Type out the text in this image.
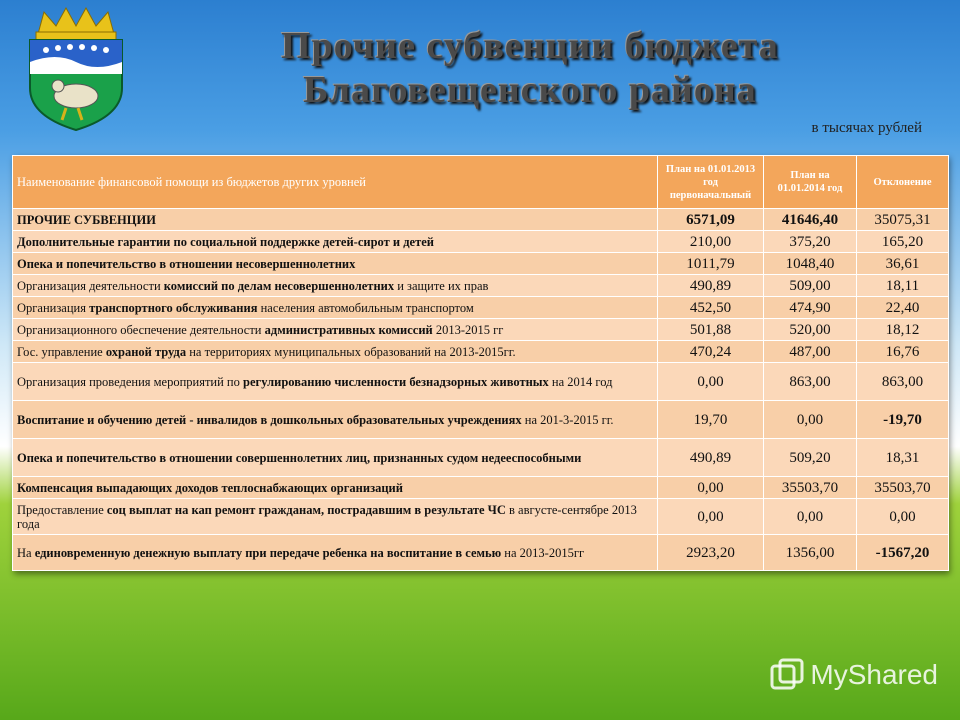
Прочие субвенции бюджета
Благовещенского района
в тысячах рублей
Наименование финансовой помощи из бюджетов других уровней	План на 01.01.2013 год первоначальный	План на 01.01.2014 год	Отклонение
ПРОЧИЕ СУБВЕНЦИИ	6571,09	41646,40	35075,31
Дополнительные гарантии по социальной поддержке детей-сирот и детей	210,00	375,20	165,20
Опека и попечительство в отношении несовершеннолетних	1011,79	1048,40	36,61
Организация деятельности комиссий по делам несовершеннолетних и защите их прав	490,89	509,00	18,11
Организация транспортного обслуживания населения автомобильным транспортом	452,50	474,90	22,40
Организационного обеспечение деятельности административных комиссий 2013-2015 гг	501,88	520,00	18,12
Гос. управление охраной труда на территориях муниципальных образований на 2013-2015гг.	470,24	487,00	16,76
Организация проведения мероприятий по регулированию численности безнадзорных животных на 2014 год	0,00	863,00	863,00
Воспитание и обучению детей - инвалидов в дошкольных образовательных учреждениях на 201-3-2015 гг.	19,70	0,00	-19,70
Опека и попечительство в отношении совершеннолетних лиц, признанных судом недееспособными	490,89	509,20	18,31
Компенсация выпадающих доходов теплоснабжающих организаций	0,00	35503,70	35503,70
Предоставление соц выплат на кап ремонт гражданам, пострадавшим в результате ЧС в августе-сентябре 2013 года	0,00	0,00	0,00
На единовременную денежную выплату при передаче ребенка на воспитание в семью на 2013-2015гг	2923,20	1356,00	-1567,20
MyShared
